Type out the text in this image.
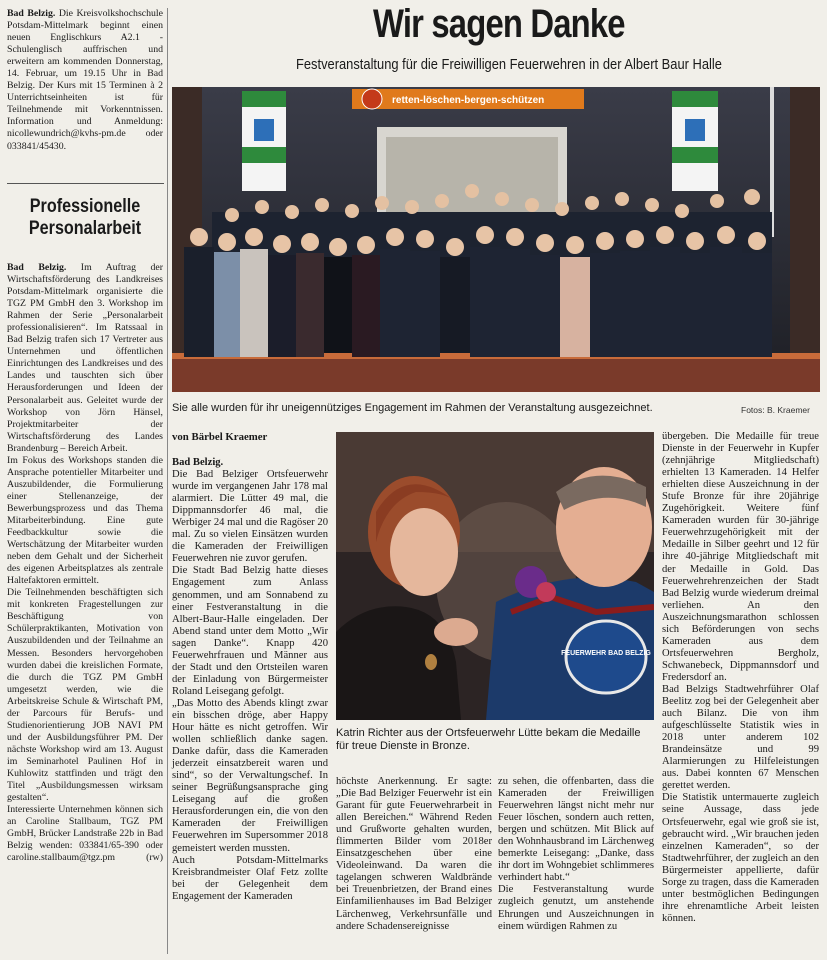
Bad Belzig. Die Kreisvolkshochschule Potsdam-Mittelmark beginnt einen neuen Englischkurs A2.1 - Schulenglisch auffrischen und erweitern am kommenden Donnerstag, 14. Februar, um 19.15 Uhr in Bad Belzig. Der Kurs mit 15 Terminen à 2 Unterrichtseinheiten ist für Teilnehmende mit Vorkenntnissen. Information und Anmeldung: nicollewundrich@kvhs-pm.de oder 033841/45430.

Professionelle Personalarbeit

Bad Belzig. Im Auftrag der Wirtschaftsförderung des Landkreises Potsdam-Mittelmark organisierte die TGZ PM GmbH den 3. Workshop im Rahmen der Serie „Personalarbeit professionalisieren“. Im Ratssaal in Bad Belzig trafen sich 17 Vertreter aus Unternehmen und öffentlichen Einrichtungen des Landkreises und des Landes und tauschten sich über Herausforderungen und Ideen der Personalarbeit aus. Geleitet wurde der Workshop von Jörn Hänsel, Projektmitarbeiter der Wirtschaftsförderung des Landes Brandenburg – Bereich Arbeit.

Im Fokus des Workshops standen die Ansprache potentieller Mitarbeiter und Auszubildender, die Formulierung einer Stellenanzeige, der Bewerbungsprozess und das Thema Mitarbeiterbindung. Eine gute Feedbackkultur sowie die Wertschätzung der Mitarbeiter wurden neben dem Gehalt und der Sicherheit des eigenen Arbeitsplatzes als zentrale Haltefaktoren ermittelt.

Die Teilnehmenden beschäftigten sich mit konkreten Fragestellungen zur Beschäftigung von Schülerpraktikanten, Motivation von Auszubildenden und der Teilnahme an Messen. Besonders hervorgehoben wurden dabei die kreislichen Formate, die durch die TGZ PM GmbH umgesetzt werden, wie die Arbeitskreise Schule & Wirtschaft PM, der Parcours für Berufs- und Studienorientierung JOB NAVI PM und der Ausbildungsführer PM. Der nächste Workshop wird am 13. August im Seminarhotel Paulinen Hof in Kuhlowitz stattfinden und trägt den Titel „Ausbildungsmessen wirksam gestalten“.

Interessierte Unternehmen können sich an Caroline Stallbaum, TGZ PM GmbH, Brücker Landstraße 22b in Bad Belzig wenden: 033841/65-390 oder caroline.stallbaum@tgz.pm	(rw)

Wir sagen Danke
Festveranstaltung für die Freiwilligen Feuerwehren in der Albert Baur Halle
retten-löschen-bergen-schützen
Sie alle wurden für ihr uneigennütziges Engagement im Rahmen der Veranstaltung ausgezeichnet.	Fotos: B. Kraemer
von Bärbel Kraemer

Bad Belzig.
Die Bad Belziger Ortsfeuerwehr wurde im vergangenen Jahr 178 mal alarmiert. Die Lütter 49 mal, die Dippmannsdorfer 46 mal, die Werbiger 24 mal und die Ragöser 20 mal. Zu so vielen Einsätzen wurden die Kameraden der Freiwilligen Feuerwehren nie zuvor gerufen.

Die Stadt Bad Belzig hatte dieses Engagement zum Anlass genommen, und am Sonnabend zu einer Festveranstaltung in die Albert-Baur-Halle eingeladen. Der Abend stand unter dem Motto „Wir sagen Danke“. Knapp 420 Feuerwehrfrauen und Männer aus der Stadt und den Ortsteilen waren der Einladung von Bürgermeister Roland Leisegang gefolgt.

„Das Motto des Abends klingt zwar ein bisschen dröge, aber Happy Hour hätte es nicht getroffen. Wir wollen schließlich danke sagen. Danke dafür, dass die Kameraden jederzeit einsatzbereit waren und sind“, so der Verwaltungschef. In seiner Begrüßungsansprache ging Leisegang auf die großen Herausforderungen ein, die von den Kameraden der Freiwilligen Feuerwehren im Supersommer 2018 gemeistert werden mussten.

Auch Potsdam-Mittelmarks Kreisbrandmeister Olaf Fetz zollte bei der Gelegenheit dem Engagement der Kameraden

FEUERWEHR BAD BELZIG
Katrin Richter aus der Ortsfeuerwehr Lütte bekam die Medaille für treue Dienste in Bronze.

höchste Anerkennung. Er sagte: „Die Bad Belziger Feuerwehr ist ein Garant für gute Feuerwehrarbeit in allen Bereichen.“ Während Reden und Grußworte gehalten wurden, flimmerten Bilder vom 2018er Einsatzgeschehen über eine Videoleinwand. Da waren die tagelangen schweren Waldbrände bei Treuenbrietzen, der Brand eines Einfamilienhauses im Bad Belziger Lärchenweg, Verkehrsunfälle und andere Schadensereignisse

zu sehen, die offenbarten, dass die Kameraden der Freiwilligen Feuerwehren längst nicht mehr nur Feuer löschen, sondern auch retten, bergen und schützen. Mit Blick auf den Wohnhausbrand im Lärchenweg bemerkte Leisegang: „Danke, dass ihr dort im Wohngebiet schlimmeres verhindert habt.“

Die Festveranstaltung wurde zugleich genutzt, um anstehende Ehrungen und Auszeichnungen in einem würdigen Rahmen zu

übergeben. Die Medaille für treue Dienste in der Feuerwehr in Kupfer (zehnjährige Mitgliedschaft) erhielten 13 Kameraden. 14 Helfer erhielten diese Auszeichnung in der Stufe Bronze für ihre 20jährige Zugehörigkeit. Weitere fünf Kameraden wurden für 30-jährige Feuerwehrzugehörigkeit mit der Medaille in Silber geehrt und 12 für ihre 40-jährige Mitgliedschaft mit der Medaille in Gold. Das Feuerwehrehrenzeichen der Stadt Bad Belzig wurde wiederum dreimal verliehen. An den Auszeichnungsmarathon schlossen sich Beförderungen von sechs Kameraden aus dem Ortsfeuerwehren Bergholz, Schwanebeck, Dippmannsdorf und Fredersdorf an.

Bad Belzigs Stadtwehrführer Olaf Beelitz zog bei der Gelegenheit aber auch Bilanz. Die von ihm aufgeschlüsselte Statistik wies in 2018 unter anderem 102 Brandeinsätze und 99 Alarmierungen zu Hilfeleistungen aus. Dabei konnten 67 Menschen gerettet werden.

Die Statistik untermauerte zugleich seine Aussage, dass jede Ortsfeuerwehr, egal wie groß sie ist, gebraucht wird. „Wir brauchen jeden einzelnen Kameraden“, so der Stadtwehrführer, der zugleich an den Bürgermeister appellierte, dafür Sorge zu tragen, dass die Kameraden unter bestmöglichen Bedingungen ihre ehrenamtliche Arbeit leisten können.
